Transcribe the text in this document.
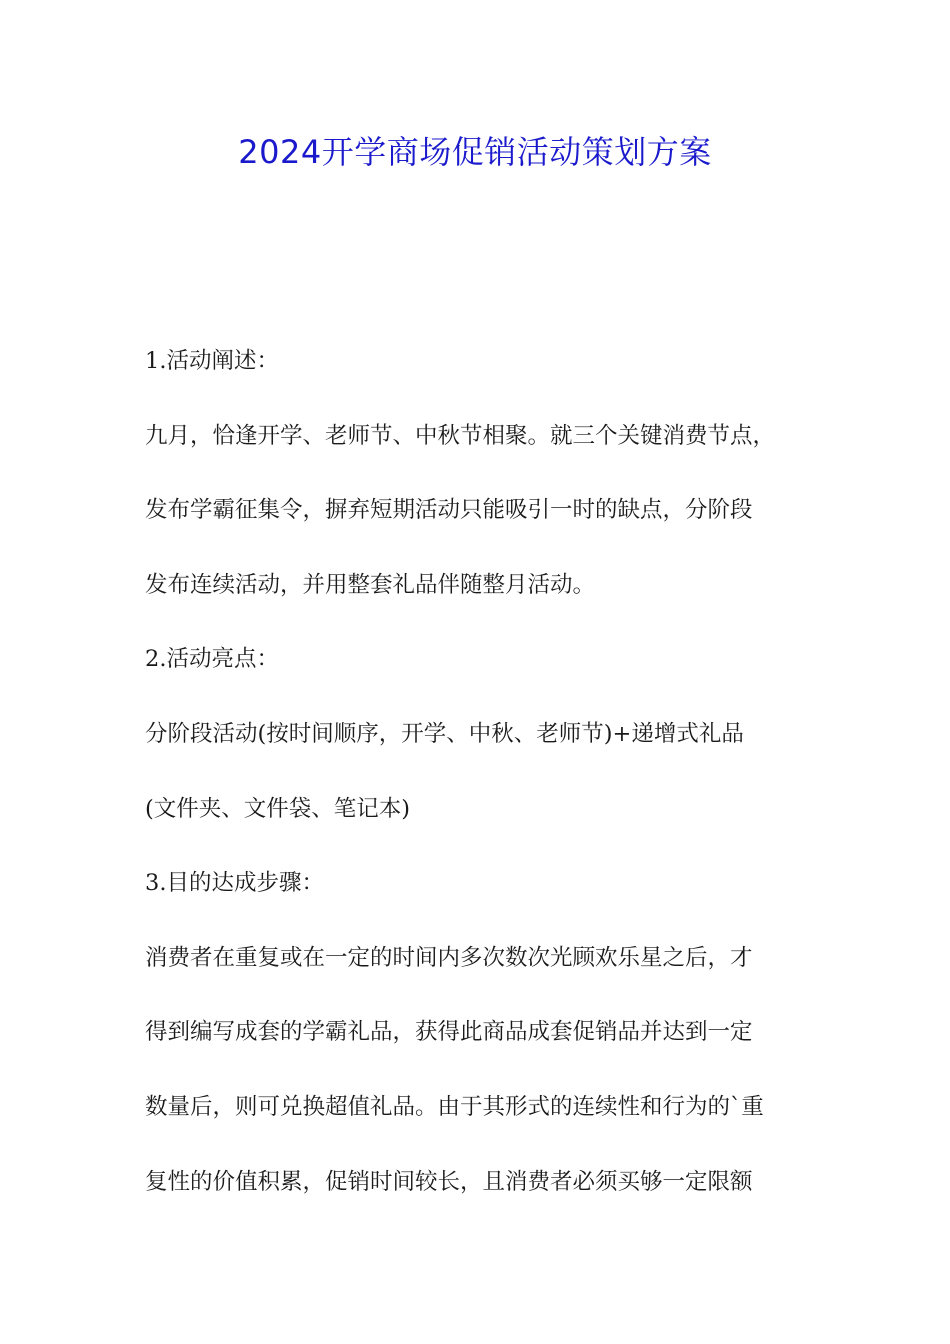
2024开学商场促销活动策划方案

1.活动阐述：

九月，恰逢开学、老师节、中秋节相聚。就三个关键消费节点，

发布学霸征集令，摒弃短期活动只能吸引一时的缺点，分阶段

发布连续活动，并用整套礼品伴随整月活动。

2.活动亮点：

分阶段活动(按时间顺序，开学、中秋、老师节)+递增式礼品

(文件夹、文件袋、笔记本)

3.目的达成步骤：

消费者在重复或在一定的时间内多次数次光顾欢乐星之后，才

得到编写成套的学霸礼品，获得此商品成套促销品并达到一定

数量后，则可兑换超值礼品。由于其形式的连续性和行为的`重

复性的价值积累，促销时间较长，且消费者必须买够一定限额
